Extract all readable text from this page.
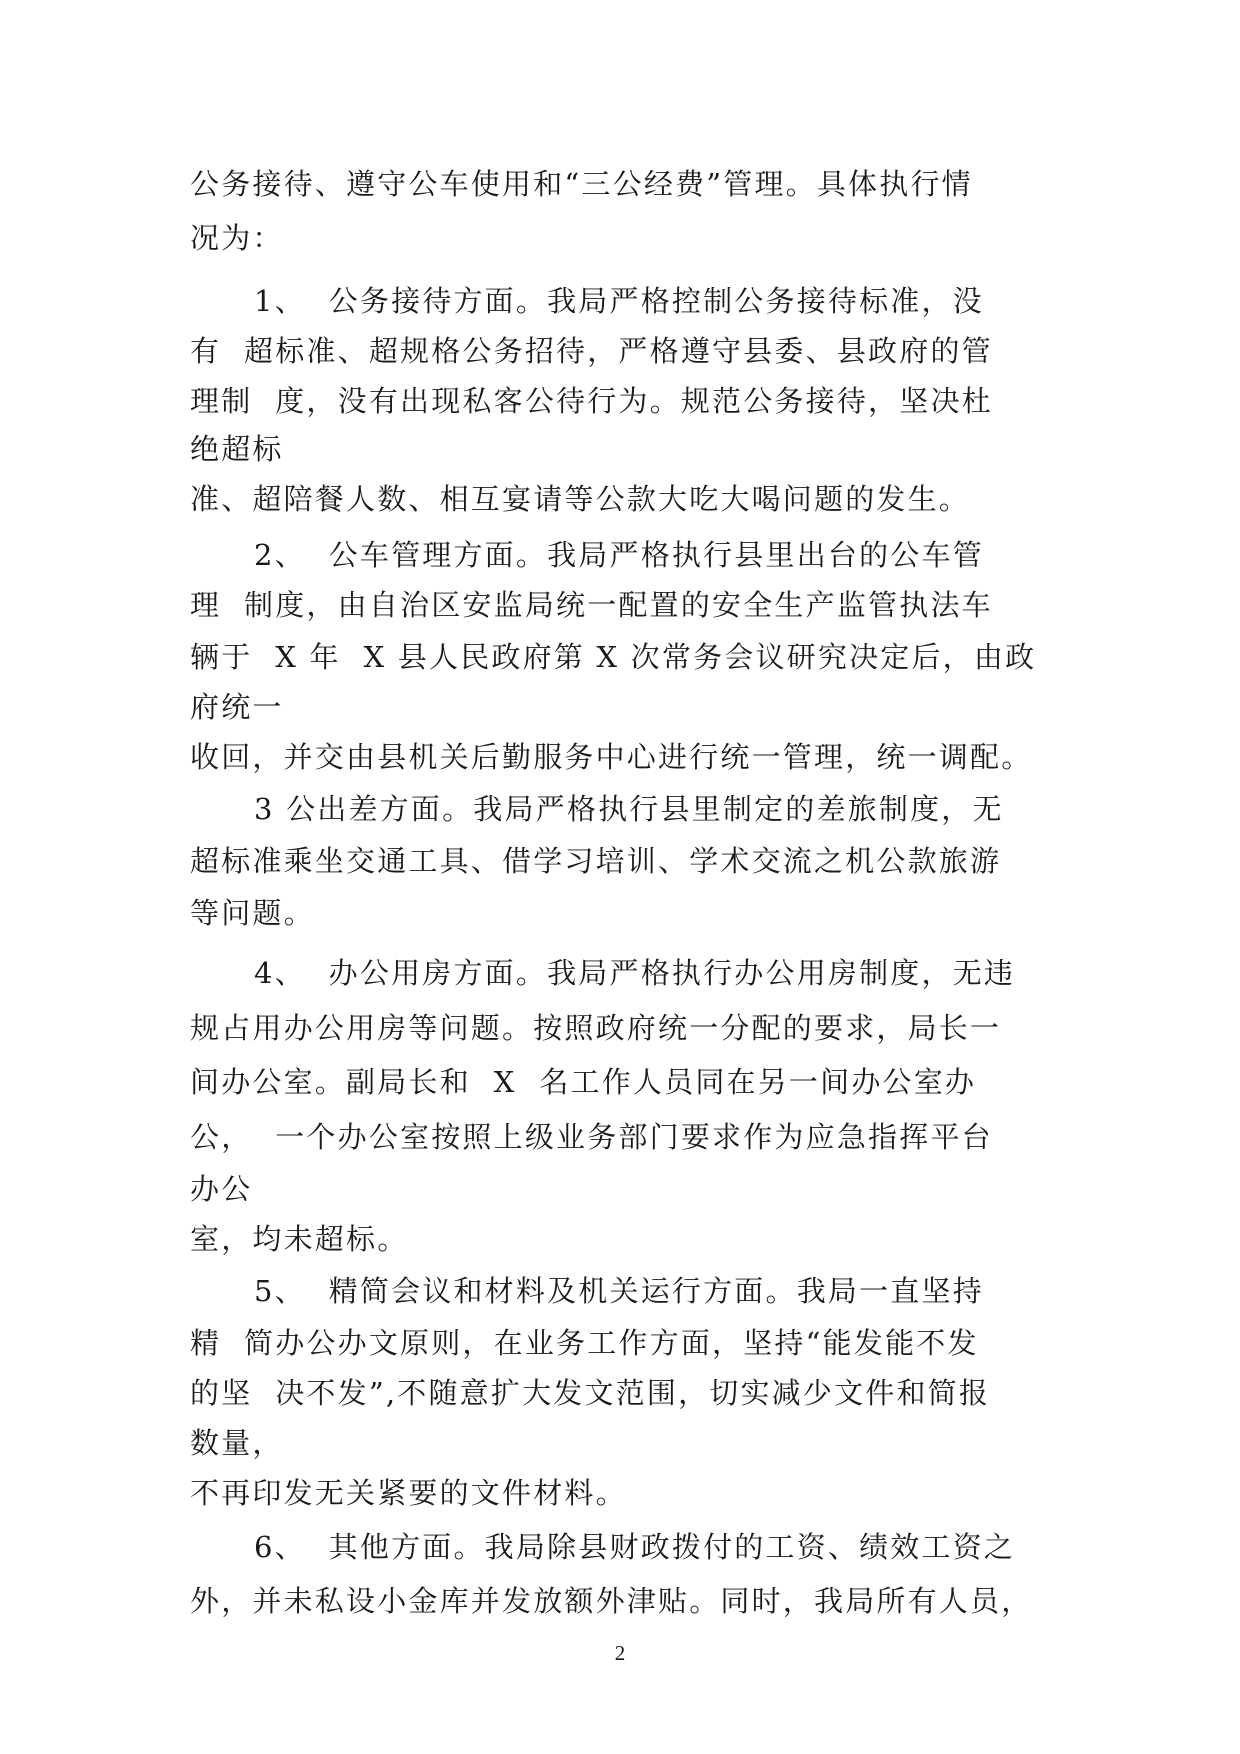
公务接待、遵守公车使用和“三公经费”管理。具体执行情

况为：

1、  公务接待方面。我局严格控制公务接待标准，没

有  超标准、超规格公务招待，严格遵守县委、县政府的管

理制  度，没有出现私客公待行为。规范公务接待，坚决杜

绝超标

准、超陪餐人数、相互宴请等公款大吃大喝问题的发生。

2、  公车管理方面。我局严格执行县里出台的公车管

理  制度，由自治区安监局统一配置的安全生产监管执法车

辆于  X 年  X 县人民政府第 X 次常务会议研究决定后，由政

府统一

收回，并交由县机关后勤服务中心进行统一管理，统一调配。

3 公出差方面。我局严格执行县里制定的差旅制度，无

超标准乘坐交通工具、借学习培训、学术交流之机公款旅游

等问题。

4、  办公用房方面。我局严格执行办公用房制度，无违

规占用办公用房等问题。按照政府统一分配的要求，局长一

间办公室。副局长和  X  名工作人员同在另一间办公室办

公，  一个办公室按照上级业务部门要求作为应急指挥平台

办公

室，均未超标。

5、  精简会议和材料及机关运行方面。我局一直坚持

精  简办公办文原则，在业务工作方面，坚持“能发能不发

的坚  决不发”,不随意扩大发文范围，切实减少文件和简报

数量，

不再印发无关紧要的文件材料。

6、  其他方面。我局除县财政拨付的工资、绩效工资之

外，并未私设小金库并发放额外津贴。同时，我局所有人员，

2
